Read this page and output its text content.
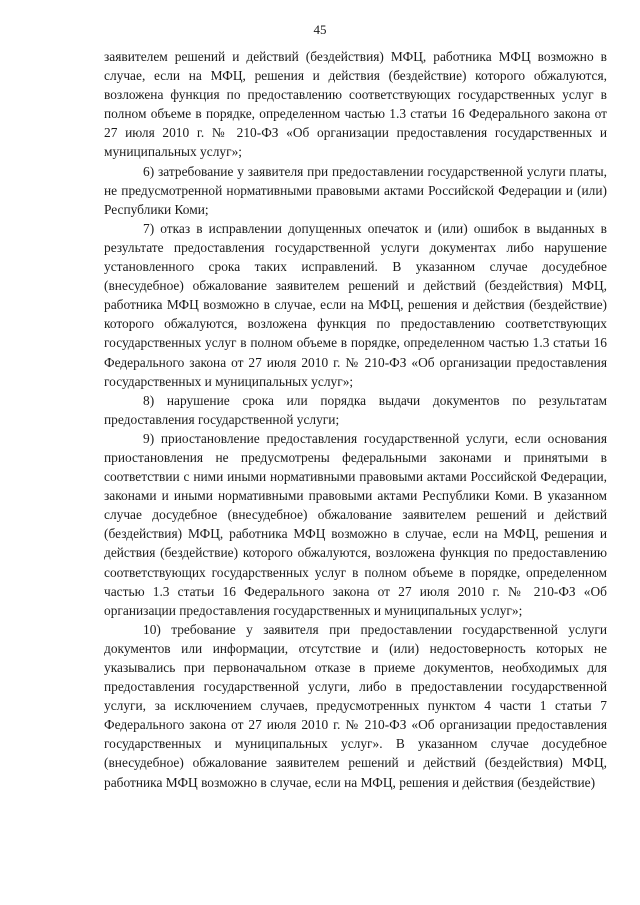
45

заявителем решений и действий (бездействия) МФЦ, работника МФЦ возможно в случае, если на МФЦ, решения и действия (бездействие) которого обжалуются, возложена функция по предоставлению соответствующих государственных услуг в полном объеме в порядке, определенном частью 1.3 статьи 16 Федерального закона от 27 июля 2010 г. № 210-ФЗ «Об организации предоставления государственных и муниципальных услуг»;

6) затребование у заявителя при предоставлении государственной услуги платы, не предусмотренной нормативными правовыми актами Российской Федерации и (или) Республики Коми;

7) отказ в исправлении допущенных опечаток и (или) ошибок в выданных в результате предоставления государственной услуги документах либо нарушение установленного срока таких исправлений. В указанном случае досудебное (внесудебное) обжалование заявителем решений и действий (бездействия) МФЦ, работника МФЦ возможно в случае, если на МФЦ, решения и действия (бездействие) которого обжалуются, возложена функция по предоставлению соответствующих государственных услуг в полном объеме в порядке, определенном частью 1.3 статьи 16 Федерального закона от 27 июля 2010 г. № 210-ФЗ «Об организации предоставления государственных и муниципальных услуг»;

8) нарушение срока или порядка выдачи документов по результатам предоставления государственной услуги;

9) приостановление предоставления государственной услуги, если основания приостановления не предусмотрены федеральными законами и принятыми в соответствии с ними иными нормативными правовыми актами Российской Федерации, законами и иными нормативными правовыми актами Республики Коми. В указанном случае досудебное (внесудебное) обжалование заявителем решений и действий (бездействия) МФЦ, работника МФЦ возможно в случае, если на МФЦ, решения и действия (бездействие) которого обжалуются, возложена функция по предоставлению соответствующих государственных услуг в полном объеме в порядке, определенном частью 1.3 статьи 16 Федерального закона от 27 июля 2010 г. № 210-ФЗ «Об организации предоставления государственных и муниципальных услуг»;

10) требование у заявителя при предоставлении государственной услуги документов или информации, отсутствие и (или) недостоверность которых не указывались при первоначальном отказе в приеме документов, необходимых для предоставления государственной услуги, либо в предоставлении государственной услуги, за исключением случаев, предусмотренных пунктом 4 части 1 статьи 7 Федерального закона от 27 июля 2010 г. № 210-ФЗ «Об организации предоставления государственных и муниципальных услуг». В указанном случае досудебное (внесудебное) обжалование заявителем решений и действий (бездействия) МФЦ, работника МФЦ возможно в случае, если на МФЦ, решения и действия (бездействие)
